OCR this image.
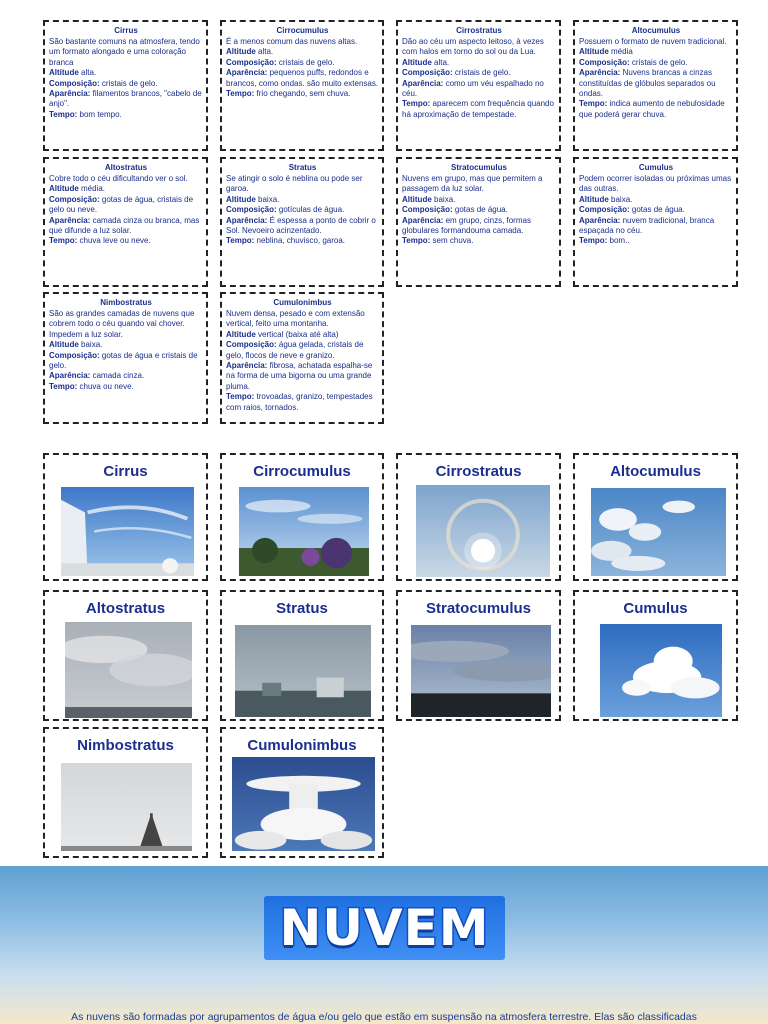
Cirrus
São bastante comuns na atmosfera, tendo um formato alongado e uma coloração branca
Altitude alta.
Composição: cristais de gelo.
Aparência: filamentos brancos, "cabelo de anjo".
Tempo: bom tempo.
Cirrocumulus
É a menos comum das nuvens altas.
Altitude alta.
Composição: cristais de gelo.
Aparência: pequenos puffs, redondos e brancos, como ondas. são muito extensas.
Tempo: frio chegando, sem chuva.
Cirrostratus
Dão ao céu um aspecto leitoso, à vezes com halos em torno do sol ou da Lua.
Altitude alta.
Composição: cristais de gelo.
Aparência: como um véu espalhado no céu.
Tempo: aparecem com frequência quando há aproximação de tempestade.
Altocumulus
Possuem o formato de nuvem tradicional.
Altitude média
Composição: cristais de gelo.
Aparência: Nuvens brancas a cinzas constituídas de glóbulos separados ou ondas.
Tempo: indica aumento de nebulosidade que poderá gerar chuva.
Altostratus
Cobre todo o céu dificultando ver o sol.
Altitude média.
Composição: gotas de água, cristais de gelo ou neve.
Aparência: camada cinza ou branca, mas que difunde a luz solar.
Tempo: chuva leve ou neve.
Stratus
Se atingir o solo é neblina ou pode ser garoa.
Altitude baixa.
Composição: gotículas de água.
Aparência: É espessa a ponto de cobrir o Sol. Nevoeiro acinzentado.
Tempo: neblina, chuvisco, garoa.
Stratocumulus
Nuvens em grupo, mas que permitem a passagem da luz solar.
Altitude baixa.
Composição: gotas de água.
Aparência: em grupo, cinzs, formas globulares formandouma camada.
Tempo: sem chuva.
Cumulus
Podem ocorrer isoladas ou próximas umas das outras.
Altitude baixa.
Composição: gotas de água.
Aparência: nuvem tradicional, branca espaçada no céu.
Tempo: bom..
Nimbostratus
São as grandes camadas de nuvens que cobrem todo o céu quando vai chover. Impedem a luz solar.
Altitude baixa.
Composição: gotas de água e cristais de gelo.
Aparência: camada cinza.
Tempo: chuva ou neve.
Cumulonimbus
Nuvem densa, pesado e com extensão vertical, feito uma montanha.
Altitude vertical (baixa até alta)
Composição: água gelada, cristais de gelo, flocos de neve e granizo.
Aparência: fibrosa, achatada espalha-se na forma de uma bigorna ou uma grande pluma.
Tempo: trovoadas, granizo, tempestades com raios, tornados.
Cirrus	Cirrocumulus	Cirrostratus	Altocumulus
Altostratus	Stratus	Stratocumulus	Cumulus
Nimbostratus	Cumulonimbus
NUVEM
As nuvens são formadas por agrupamentos de água e/ou gelo que estão em suspensão na atmosfera terrestre. Elas são classificadas
